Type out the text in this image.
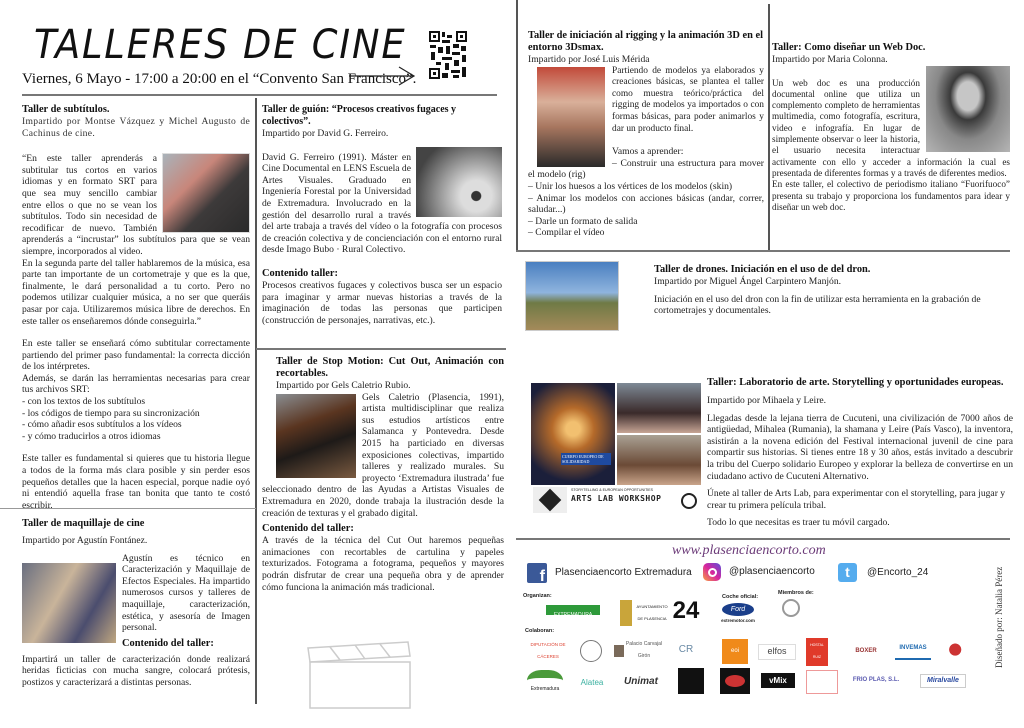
TALLERES DE CINE
Viernes, 6 Mayo - 17:00 a 20:00 en el “Convento San Francisco”.
Taller de subtítulos.

Impartido por Montse Vázquez y Michel Augusto de Cachinus de cine.

“En este taller aprenderás a subtitular tus cortos en varios idiomas y en formato SRT para que sea muy sencillo cambiar entre ellos o que no se vean los subtítulos. Todo sin necesidad de recodificar de nuevo. También aprenderás a “incrustar” los subtítulos para que se vean siempre, incorporados al video.

En la segunda parte del taller hablaremos de la música, esa parte tan importante de un cortometraje y que es la que, finalmente, le dará personalidad a tu corto. Pero no podemos utilizar cualquier música, a no ser que queráis pasar por caja. Utilizaremos música libre de derechos. En este taller os enseñaremos dónde conseguirla.”

En este taller se enseñará cómo subtitular correctamente partiendo del primer paso fundamental: la correcta dicción de los intérpretes.

Además, se darán las herramientas necesarias para crear tus archivos SRT:

- con los textos de los subtítulos
- los códigos de tiempo para su sincronización
- cómo añadir esos subtítulos a los vídeos
- y cómo traducirlos a otros idiomas

Este taller es fundamental si quieres que tu historia llegue a todos de la forma más clara posible y sin perder esos pequeños detalles que la hacen especial, porque nadie oyó ni entendió aquella frase tan bonita que tanto te costó escribir.

Taller de maquillaje de cine

Impartido por Agustín Fontánez.

Agustín es técnico en Caracterización y Maquillaje de Efectos Especiales. Ha impartido numerosos cursos y talleres de maquillaje, caracterización, estética, y asesoría de Imagen personal.

Contenido del taller:

Impartirá un taller de caracterización donde realizará heridas ficticias con mucha sangre, colocará prótesis, postizos y caracterizará a distintas personas.

Taller de guión: “Procesos creativos fugaces y colectivos”.

Impartido por David G. Ferreiro.

David G. Ferreiro (1991). Máster en Cine Documental en LENS Escuela de Artes Visuales. Graduado en Ingeniería Forestal por la Universidad de Extremadura. Involucrado en la gestión del desarrollo rural a través del arte trabaja a través del vídeo o la fotografía con procesos de creación colectiva y de concienciación con el entorno rural desde Imago Bubo · Rural Colectivo.

Contenido taller:

Procesos creativos fugaces y colectivos busca ser un espacio para imaginar y armar nuevas historias a través de la imaginación de todas las personas que participen (construcción de personajes, narrativas, etc.).

Taller de Stop Motion: Cut Out, Animación con recortables.

Impartido por Gels Caletrio Rubio.

Gels Caletrio (Plasencia, 1991), artista multidisciplinar que realiza sus estudios artísticos entre Salamanca y Pontevedra. Desde 2015 ha particiado en diversas exposiciones colectivas, impartido talleres y realizado murales. Su proyecto ‘Extremadura ilustrada’ fue seleccionado dentro de las Ayudas a Artistas Visuales de Extremadura en 2020, donde trabaja la ilustración desde la creación de texturas y el grabado digital.

Contenido del taller:

A través de la técnica del Cut Out haremos pequeñas animaciones con recortables de cartulina y papeles texturizados. Fotograma a fotograma, pequeños y mayores podrán disfrutar de crear una pequeña obra y de aprender cómo funciona la animación más tradicional.

Taller de iniciación al rigging y la animación 3D en el entorno 3Dsmax.

Impartido por José Luis Mérida

Partiendo de modelos ya elaborados y creaciones básicas, se plantea el taller como muestra teórico/práctica del rigging de modelos ya importados o con formas básicas, para poder animarlos y dar un producto final.

Vamos a aprender:

– Construir una estructura para mover el modelo (rig)
– Unir los huesos a los vértices de los modelos (skin)
– Animar los modelos con acciones básicas (andar, correr, saludar...)
– Darle un formato de salida
– Compilar el vídeo
Taller: Como diseñar un Web Doc.

Impartido por Maria Colonna.

Un web doc es una producción documental online que utiliza un complemento completo de herramientas multimedia, como fotografía, escritura, video e infografía. En lugar de simplemente observar o leer la historia, el usuario necesita interactuar activamente con ello y acceder a información la cual es presentada de diferentes formas y a través de diferentes medios.

En este taller, el colectivo de periodismo italiano “Fuorifuoco” presenta su trabajo y proporciona los fundamentos para idear y diseñar un web doc.

Taller de drones. Iniciación en el uso de del dron.

Impartido por Miguel Ángel Carpintero Manjón.

Iniciación en el uso del dron con la fin de utilizar esta herramienta en la grabación de cortometrajes y documentales.

CUERPO EUROPEO DE SOLIDARIDAD
STORYTELLING & EUROPEAN OPPORTUNITIES
ARTS LAB WORKSHOP
Taller: Laboratorio de arte. Storytelling y oportunidades europeas.

Impartido por Mihaela y Leire.

Llegadas desde la lejana tierra de Cucuteni, una civilización de 7000 años de antigüedad, Mihalea (Rumania), la shamana y Leire (País Vasco), la inventora, asistirán a la novena edición del Festival internacional juvenil de cine para compartir sus historias. Si tienes entre 18 y 30 años, estás invitado a descubrir la tribu del Cuerpo solidario Europeo y explorar la belleza de convertirse en un ciudadano activo de Cucuteni Alternativo.

Únete al taller de Arts Lab, para experimentar con el storytelling, para jugar y crear tu primera película tribal.

Todo lo que necesitas es traer tu móvil cargado.

www.plasenciaencorto.com
f Plasenciaencorto Extremadura	@plasenciaencorto	t	@Encorto_24
Organizan:	Coche oficial:
Miembros de:
Colaboran:
JUNTA DE EXTREMADURA
AYUNTAMIENTO DE PLASENCIA 24	Ford
extremotor.com
DIPUTACIÓN DE CÁCERES
Palacio Carvajal Girón
CR	eoi	elfos
HOSTAL RUIZ
BOXER	INVEMAS
Extremadura
Alatea	Unimat	vMix	FRIO PLAS, S.L.	Miralvalle
Diseñado por: Natalia Pérez
